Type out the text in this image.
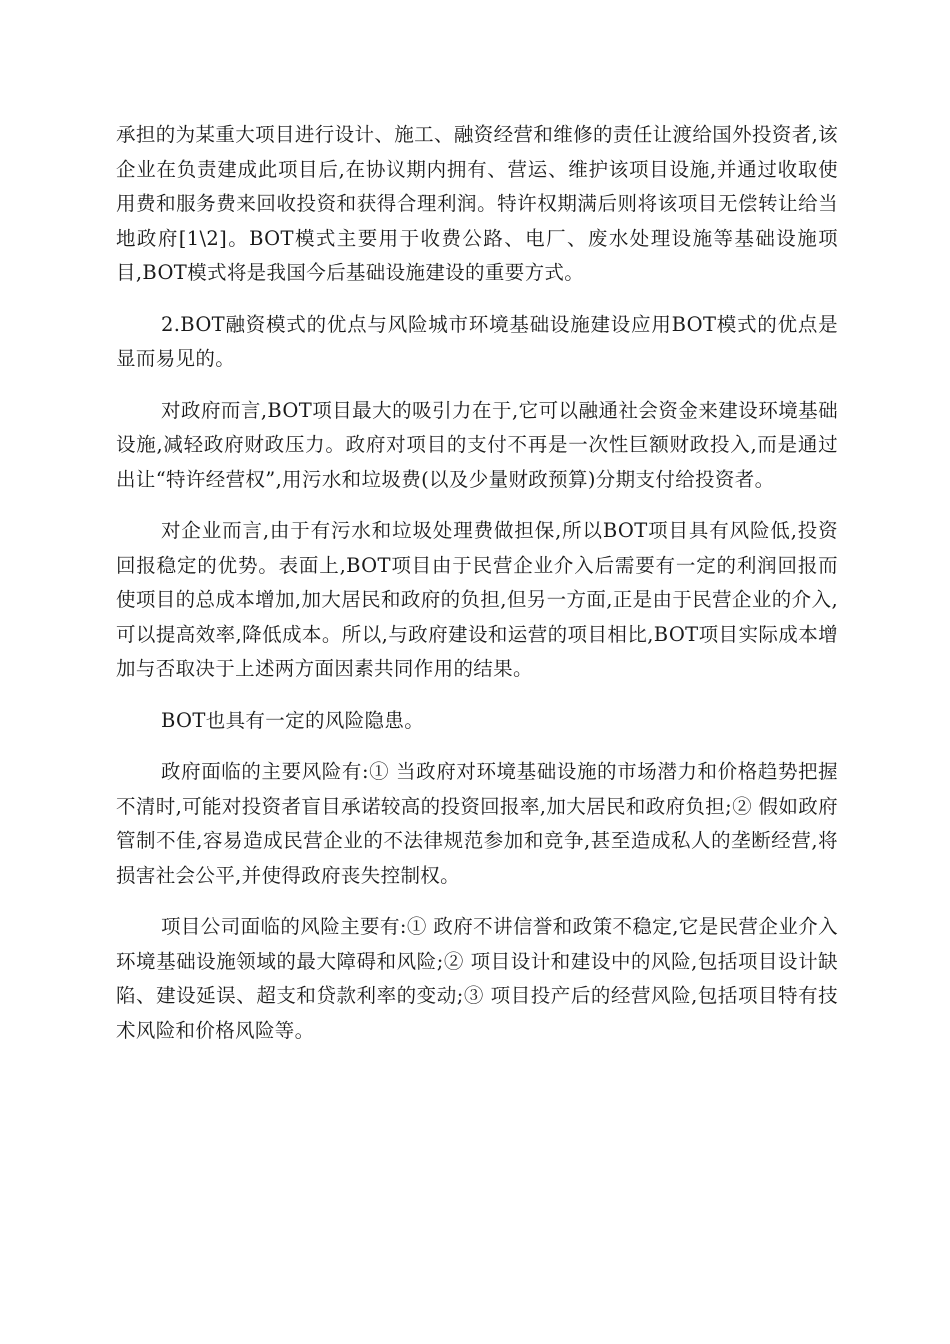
承担的为某重大项目进行设计、施工、融资经营和维修的责任让渡给国外投资者,该企业在负责建成此项目后,在协议期内拥有、营运、维护该项目设施,并通过收取使用费和服务费来回收投资和获得合理利润。特许权期满后则将该项目无偿转让给当地政府[1\2]。BOT模式主要用于收费公路、电厂、废水处理设施等基础设施项目,BOT模式将是我国今后基础设施建设的重要方式。

2.BOT融资模式的优点与风险城市环境基础设施建设应用BOT模式的优点是显而易见的。

对政府而言,BOT项目最大的吸引力在于,它可以融通社会资金来建设环境基础设施,减轻政府财政压力。政府对项目的支付不再是一次性巨额财政投入,而是通过出让“特许经营权”,用污水和垃圾费(以及少量财政预算)分期支付给投资者。

对企业而言,由于有污水和垃圾处理费做担保,所以BOT项目具有风险低,投资回报稳定的优势。表面上,BOT项目由于民营企业介入后需要有一定的利润回报而使项目的总成本增加,加大居民和政府的负担,但另一方面,正是由于民营企业的介入,可以提高效率,降低成本。所以,与政府建设和运营的项目相比,BOT项目实际成本增加与否取决于上述两方面因素共同作用的结果。

BOT也具有一定的风险隐患。

政府面临的主要风险有:① 当政府对环境基础设施的市场潜力和价格趋势把握不清时,可能对投资者盲目承诺较高的投资回报率,加大居民和政府负担;② 假如政府管制不佳,容易造成民营企业的不法律规范参加和竞争,甚至造成私人的垄断经营,将损害社会公平,并使得政府丧失控制权。

项目公司面临的风险主要有:① 政府不讲信誉和政策不稳定,它是民营企业介入环境基础设施领域的最大障碍和风险;② 项目设计和建设中的风险,包括项目设计缺陷、建设延误、超支和贷款利率的变动;③ 项目投产后的经营风险,包括项目特有技术风险和价格风险等。
